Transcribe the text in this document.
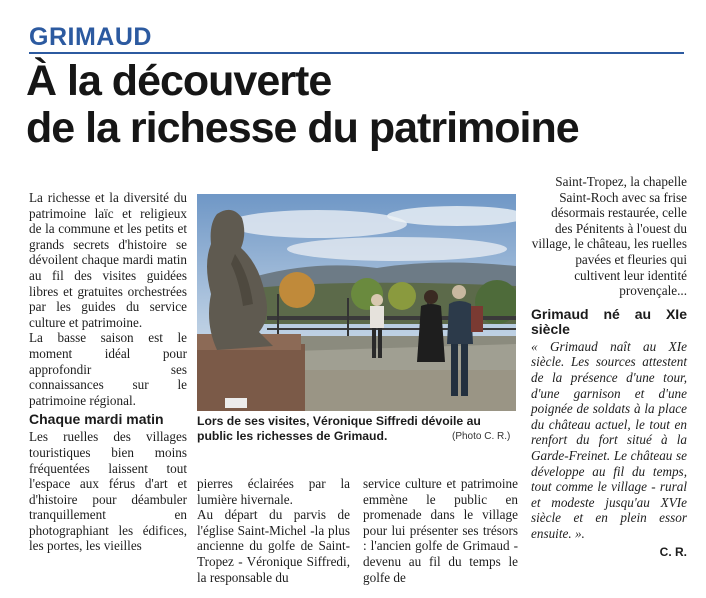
GRIMAUD
À la découverte
de la richesse du patrimoine

La richesse et la diversité du patrimoine laïc et religieux de la commune et les petits et grands secrets d'histoire se dévoilent chaque mardi matin au fil des visites guidées libres et gratuites orchestrées par les guides du service culture et patrimoine.

La basse saison est le moment idéal pour approfondir ses connaissances sur le patrimoine régional.

Chaque mardi matin

Les ruelles des villages touristiques bien moins fréquentées laissent tout l'espace aux férus d'art et d'histoire pour déambuler tranquillement en photographiant les édifices, les portes, les vieilles

Lors de ses visites, Véronique Siffredi dévoile au public les richesses de Grimaud.	(Photo C. R.)

pierres éclairées par la lumière hivernale.

Au départ du parvis de l'église Saint-Michel -la plus ancienne du golfe de Saint-Tropez - Véronique Siffredi, la responsable du

service culture et patrimoine emmène le public en promenade dans le village pour lui présenter ses trésors : l'ancien golfe de Grimaud - devenu au fil du temps le golfe de

Saint-Tropez, la chapelle Saint-Roch avec sa frise désormais restaurée, celle des Pénitents à l'ouest du village, le château, les ruelles pavées et fleuries qui cultivent leur identité provençale...

Grimaud né au XIe siècle

« Grimaud naît au XIe siècle. Les sources attestent de la présence d'une tour, d'une garnison et d'une poignée de soldats à la place du château actuel, le tout en renfort du fort situé à la Garde-Freinet. Le château se développe au fil du temps, tout comme le village - rural et modeste jusqu'au XVIe siècle et en plein essor ensuite. ».

C. R.
